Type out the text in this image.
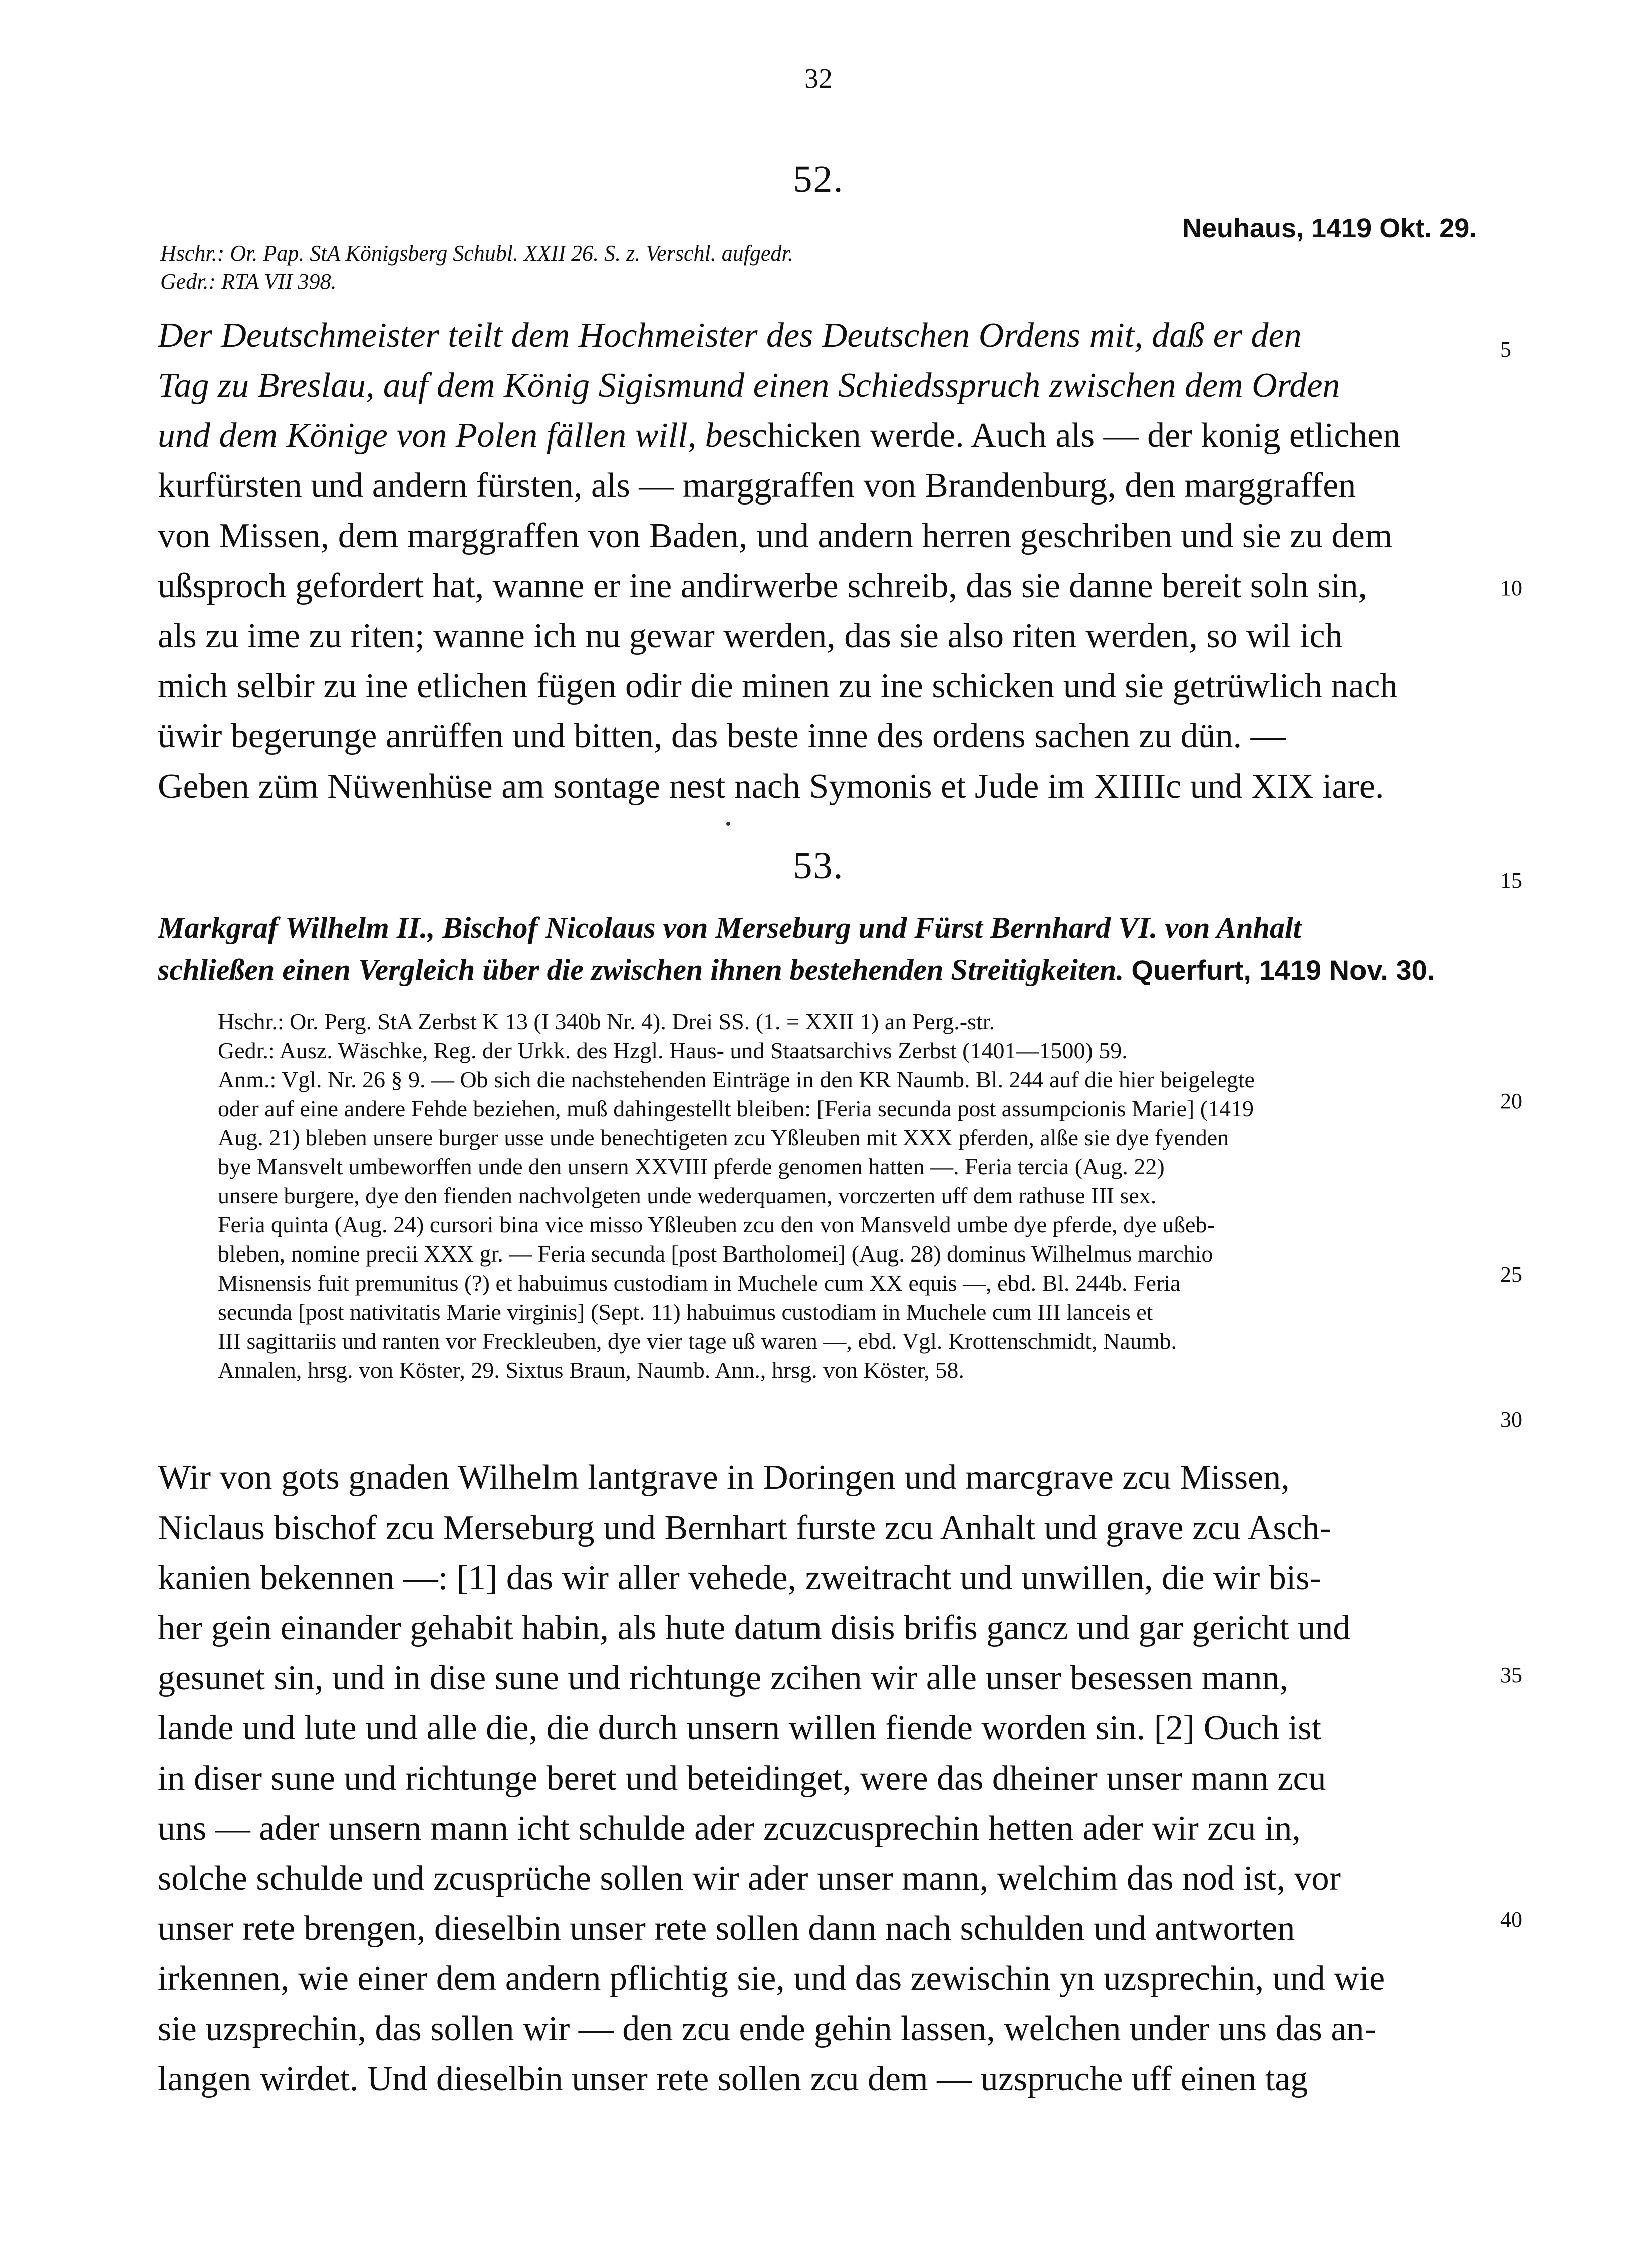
32
52.
Neuhaus, 1419 Okt. 29.
Hschr.: Or. Pap. StA Königsberg Schubl. XXII 26. S. z. Verschl. aufgedr.
Gedr.: RTA VII 398.
Der Deutschmeister teilt dem Hochmeister des Deutschen Ordens mit, daß er den
Tag zu Breslau, auf dem König Sigismund einen Schiedsspruch zwischen dem Orden
und dem Könige von Polen fällen will, beschicken werde. Auch als — der konig etlichen
kurfürsten und andern fürsten, als — marggraffen von Brandenburg, den marggraffen
von Missen, dem marggraffen von Baden, und andern herren geschriben und sie zu dem
ußsproch gefordert hat, wanne er ine andirwerbe schreib, das sie danne bereit soln sin,
als zu ime zu riten; wanne ich nu gewar werden, das sie also riten werden, so wil ich
mich selbir zu ine etlichen fügen odir die minen zu ine schicken und sie getrüwlich nach
üwir begerunge anrüffen und bitten, das beste inne des ordens sachen zu dün. —
Geben züm Nüwenhüse am sontage nest nach Symonis et Jude im XIIIIc und XIX iare.
5
10
53.	15
Markgraf Wilhelm II., Bischof Nicolaus von Merseburg und Fürst Bernhard VI. von Anhalt
schließen einen Vergleich über die zwischen ihnen bestehenden Streitigkeiten. Querfurt, 1419 Nov. 30.
Hschr.: Or. Perg. StA Zerbst K 13 (I 340b Nr. 4). Drei SS. (1. = XXII 1) an Perg.-str.
Gedr.: Ausz. Wäschke, Reg. der Urkk. des Hzgl. Haus- und Staatsarchivs Zerbst (1401—1500) 59.
Anm.: Vgl. Nr. 26 § 9. — Ob sich die nachstehenden Einträge in den KR Naumb. Bl. 244 auf die hier beigelegte
oder auf eine andere Fehde beziehen, muß dahingestellt bleiben: [Feria secunda post assumpcionis Marie] (1419
Aug. 21) bleben unsere burger usse unde benechtigeten zcu Yßleuben mit XXX pferden, alße sie dye fyenden
bye Mansvelt umbeworffen unde den unsern XXVIII pferde genomen hatten —. Feria tercia (Aug. 22)
unsere burgere, dye den fienden nachvolgeten unde wederquamen, vorczerten uff dem rathuse III sex.
Feria quinta (Aug. 24) cursori bina vice misso Yßleuben zcu den von Mansveld umbe dye pferde, dye ußeb-
bleben, nomine precii XXX gr. — Feria secunda [post Bartholomei] (Aug. 28) dominus Wilhelmus marchio
Misnensis fuit premunitus (?) et habuimus custodiam in Muchele cum XX equis —, ebd. Bl. 244b. Feria
secunda [post nativitatis Marie virginis] (Sept. 11) habuimus custodiam in Muchele cum III lanceis et
III sagittariis und ranten vor Freckleuben, dye vier tage uß waren —, ebd. Vgl. Krottenschmidt, Naumb.
Annalen, hrsg. von Köster, 29. Sixtus Braun, Naumb. Ann., hrsg. von Köster, 58.
20
25
30
Wir von gots gnaden Wilhelm lantgrave in Doringen und marcgrave zcu Missen,
Niclaus bischof zcu Merseburg und Bernhart furste zcu Anhalt und grave zcu Asch-
kanien bekennen —: [1] das wir aller vehede, zweitracht und unwillen, die wir bis-
her gein einander gehabit habin, als hute datum disis brifis gancz und gar gericht und
gesunet sin, und in dise sune und richtunge zcihen wir alle unser besessen mann,
lande und lute und alle die, die durch unsern willen fiende worden sin. [2] Ouch ist
in diser sune und richtunge beret und beteidinget, were das dheiner unser mann zcu
uns — ader unsern mann icht schulde ader zcuzcusprechin hetten ader wir zcu in,
solche schulde und zcusprüche sollen wir ader unser mann, welchim das nod ist, vor
unser rete brengen, dieselbin unser rete sollen dann nach schulden und antworten
irkennen, wie einer dem andern pflichtig sie, und das zewischin yn uzsprechin, und wie
sie uzsprechin, das sollen wir — den zcu ende gehin lassen, welchen under uns das an-
langen wirdet. Und dieselbin unser rete sollen zcu dem — uzspruche uff einen tag
35
40
